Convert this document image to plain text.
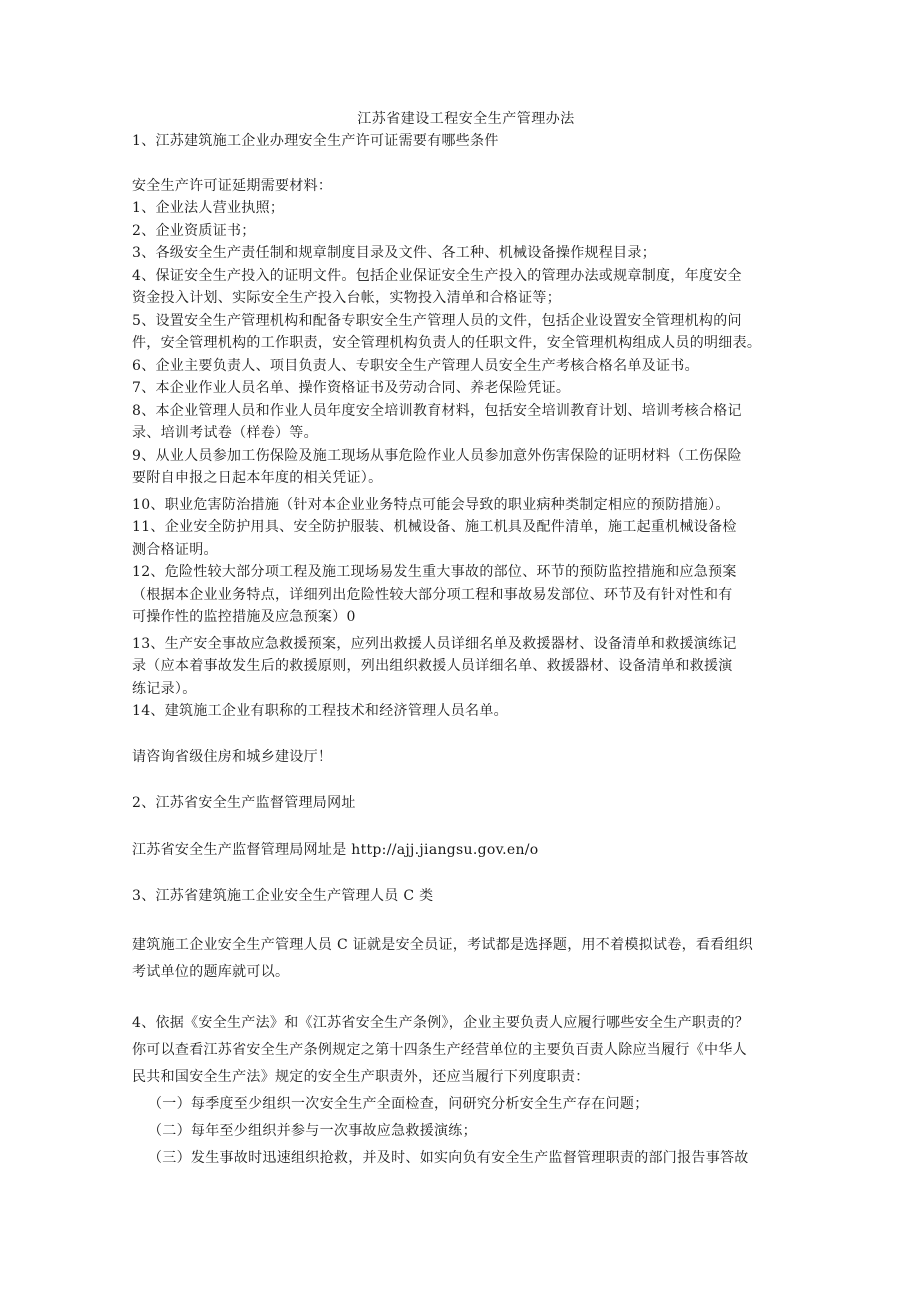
江苏省建设工程安全生产管理办法

1、江苏建筑施工企业办理安全生产许可证需要有哪些条件

安全生产许可证延期需要材料：

1、企业法人营业执照；

2、企业资质证书；

3、各级安全生产责任制和规章制度目录及文件、各工种、机械设备操作规程目录；

4、保证安全生产投入的证明文件。包括企业保证安全生产投入的管理办法或规章制度，年度安全

资金投入计划、实际安全生产投入台帐，实物投入清单和合格证等；

5、设置安全生产管理机构和配备专职安全生产管理人员的文件，包括企业设置安全管理机构的问

件，安全管理机构的工作职责，安全管理机构负责人的任职文件，安全管理机构组成人员的明细表。

6、企业主要负责人、项目负责人、专职安全生产管理人员安全生产考核合格名单及证书。

7、本企业作业人员名单、操作资格证书及劳动合同、养老保险凭证。

8、本企业管理人员和作业人员年度安全培训教育材料，包括安全培训教育计划、培训考核合格记

录、培训考试卷（样卷）等。

9、从业人员参加工伤保险及施工现场从事危险作业人员参加意外伤害保险的证明材料（工伤保险

要附自申报之日起本年度的相关凭证）。

10、职业危害防治措施（针对本企业业务特点可能会导致的职业病种类制定相应的预防措施）。

11、企业安全防护用具、安全防护服装、机械设备、施工机具及配件清单，施工起重机械设备检

测合格证明。

12、危险性较大部分项工程及施工现场易发生重大事故的部位、环节的预防监控措施和应急预案

（根据本企业业务特点，详细列出危险性较大部分项工程和事故易发部位、环节及有针对性和有

可操作性的监控措施及应急预案）0

13、生产安全事故应急救援预案，应列出救援人员详细名单及救援器材、设备清单和救援演练记

录（应本着事故发生后的救援原则，列出组织救援人员详细名单、救援器材、设备清单和救援演

练记录）。

14、建筑施工企业有职称的工程技术和经济管理人员名单。

请咨询省级住房和城乡建设厅！

2、江苏省安全生产监督管理局网址

江苏省安全生产监督管理局网址是 http://ajj.jiangsu.gov.en/o

3、江苏省建筑施工企业安全生产管理人员 C 类

建筑施工企业安全生产管理人员 C 证就是安全员证，考试都是选择题，用不着模拟试卷，看看组织

考试单位的题库就可以。

4、依据《安全生产法》和《江苏省安全生产条例》，企业主要负责人应履行哪些安全生产职责的？

你可以查看江苏省安全生产条例规定之第十四条生产经营单位的主要负百责人除应当履行《中华人

民共和国安全生产法》规定的安全生产职责外，还应当履行下列度职责：

（一）每季度至少组织一次安全生产全面检查，问研究分析安全生产存在问题；

（二）每年至少组织并参与一次事故应急救援演练；

（三）发生事故时迅速组织抢救，并及时、如实向负有安全生产监督管理职责的部门报告事答故
